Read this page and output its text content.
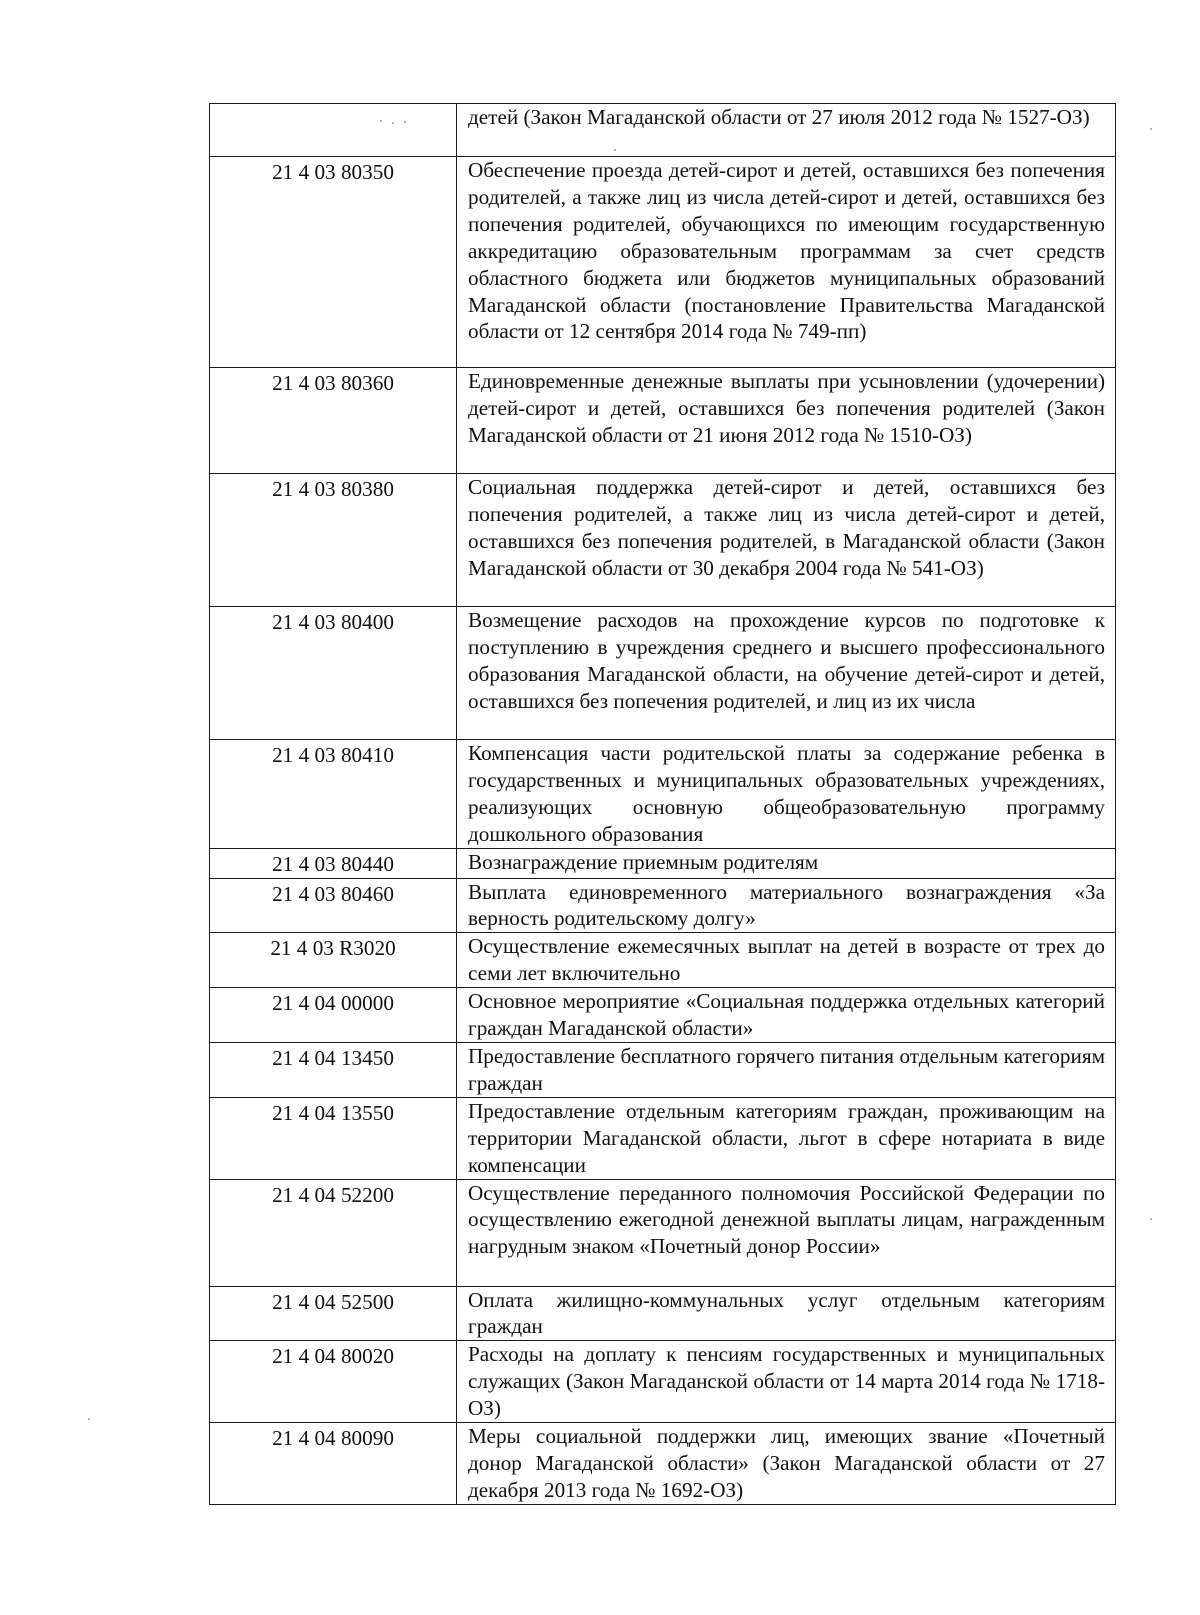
	детей (Закон Магаданской области от 27 июля 2012 года № 1527-ОЗ)

21 4 03 80350	Обеспечение проезда детей-сирот и детей, оставшихся без попечения родителей, а также лиц из числа детей-сирот и детей, оставшихся без попечения родителей, обучающихся по имеющим государственную аккредитацию образовательным программам за счет средств областного бюджета или бюджетов муниципальных образований Магаданской области (постановление Правительства Магаданской области от 12 сентября 2014 года № 749-пп)

21 4 03 80360	Единовременные денежные выплаты при усыновлении (удочерении) детей-сирот и детей, оставшихся без попечения родителей (Закон Магаданской области от 21 июня 2012 года № 1510-ОЗ)

21 4 03 80380	Социальная поддержка детей-сирот и детей, оставшихся без попечения родителей, а также лиц из числа детей-сирот и детей, оставшихся без попечения родителей, в Магаданской области (Закон Магаданской области от 30 декабря 2004 года № 541-ОЗ)

21 4 03 80400	Возмещение расходов на прохождение курсов по подготовке к поступлению в учреждения среднего и высшего профессионального образования Магаданской области, на обучение детей-сирот и детей, оставшихся без попечения родителей, и лиц из их числа

21 4 03 80410	Компенсация части родительской платы за содержание ребенка в государственных и муниципальных образовательных учреждениях, реализующих основную общеобразовательную программу дошкольного образования

21 4 03 80440	Вознаграждение приемным родителям

21 4 03 80460	Выплата единовременного материального вознаграждения «За верность родительскому долгу»

21 4 03 R3020	Осуществление ежемесячных выплат на детей в возрасте от трех до семи лет включительно

21 4 04 00000	Основное мероприятие «Социальная поддержка отдельных категорий граждан Магаданской области»

21 4 04 13450	Предоставление бесплатного горячего питания отдельным категориям граждан

21 4 04 13550	Предоставление отдельным категориям граждан, проживающим на территории Магаданской области, льгот в сфере нотариата в виде компенсации

21 4 04 52200	Осуществление переданного полномочия Российской Федерации по осуществлению ежегодной денежной выплаты лицам, награжденным нагрудным знаком «Почетный донор России»

21 4 04 52500	Оплата жилищно-коммунальных услуг отдельным категориям граждан

21 4 04 80020	Расходы на доплату к пенсиям государственных и муниципальных служащих (Закон Магаданской области от 14 марта 2014 года № 1718-ОЗ)

21 4 04 80090	Меры социальной поддержки лиц, имеющих звание «Почетный донор Магаданской области» (Закон Магаданской области от 27 декабря 2013 года № 1692-ОЗ)
